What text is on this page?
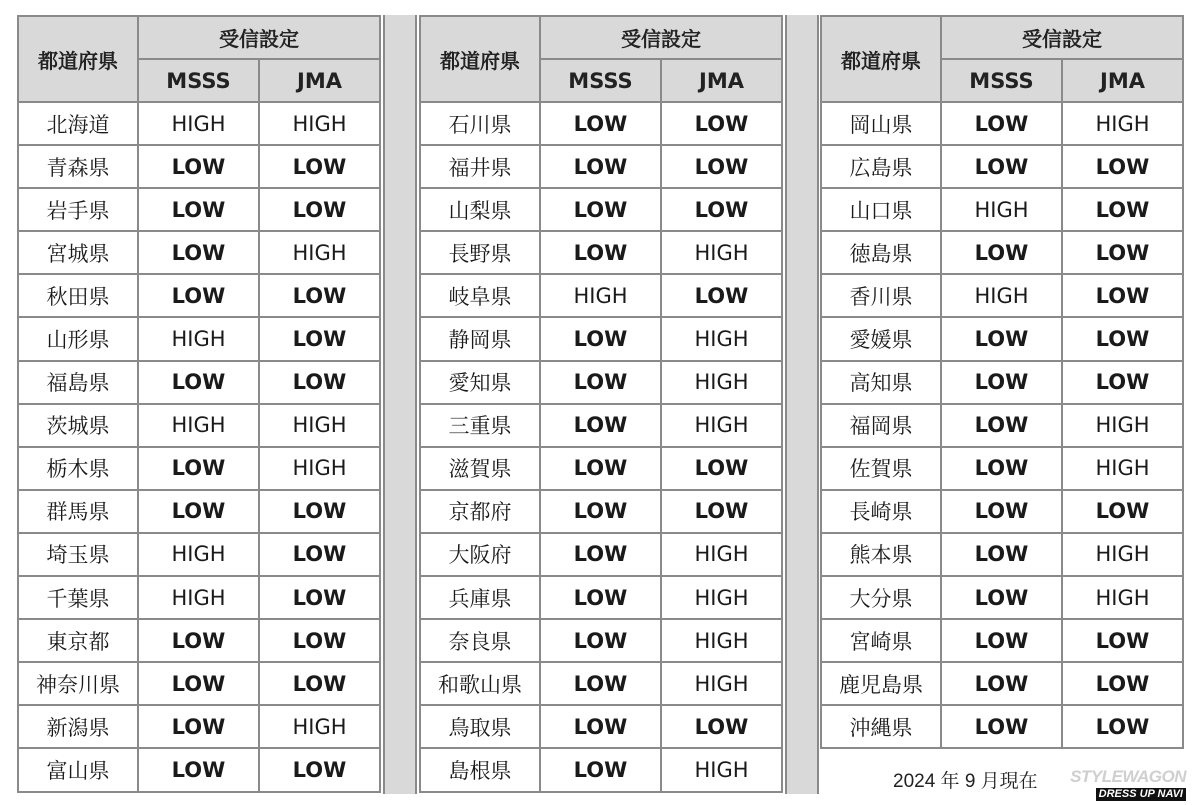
都道府県	受信設定	
	MSSS	JMA
北海道	HIGH	HIGH
青森県	LOW	LOW
岩手県	LOW	LOW
宮城県	LOW	HIGH
秋田県	LOW	LOW
山形県	HIGH	LOW
福島県	LOW	LOW
茨城県	HIGH	HIGH
栃木県	LOW	HIGH
群馬県	LOW	LOW
埼玉県	HIGH	LOW
千葉県	HIGH	LOW
東京都	LOW	LOW
神奈川県	LOW	LOW
新潟県	LOW	HIGH
富山県	LOW	LOW
都道府県	受信設定	
	MSSS	JMA
石川県	LOW	LOW
福井県	LOW	LOW
山梨県	LOW	LOW
長野県	LOW	HIGH
岐阜県	HIGH	LOW
静岡県	LOW	HIGH
愛知県	LOW	HIGH
三重県	LOW	HIGH
滋賀県	LOW	LOW
京都府	LOW	LOW
大阪府	LOW	HIGH
兵庫県	LOW	HIGH
奈良県	LOW	HIGH
和歌山県	LOW	HIGH
鳥取県	LOW	LOW
島根県	LOW	HIGH
都道府県	受信設定	
	MSSS	JMA
岡山県	LOW	HIGH
広島県	LOW	LOW
山口県	HIGH	LOW
徳島県	LOW	LOW
香川県	HIGH	LOW
愛媛県	LOW	LOW
高知県	LOW	LOW
福岡県	LOW	HIGH
佐賀県	LOW	HIGH
長崎県	LOW	LOW
熊本県	LOW	HIGH
大分県	LOW	HIGH
宮崎県	LOW	LOW
鹿児島県	LOW	LOW
沖縄県	LOW	LOW
2024 年 9 月現在 STYLEWAGON
DRESS UP NAVI
